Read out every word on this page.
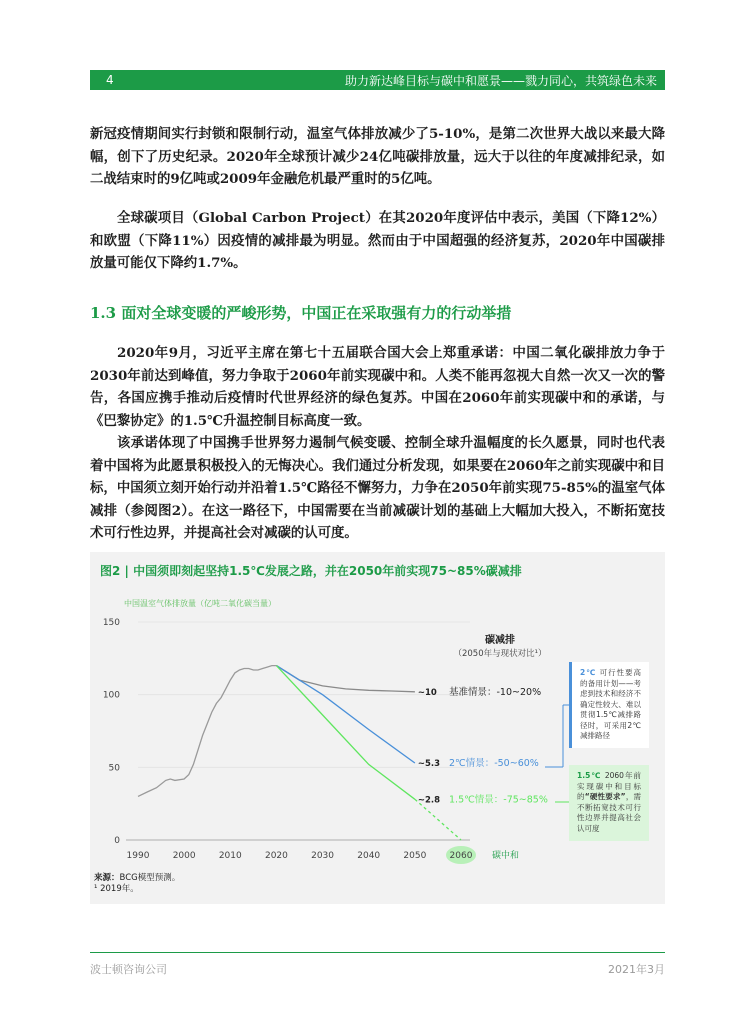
4	助力新达峰目标与碳中和愿景——戮力同心，共筑绿色未来

新冠疫情期间实行封锁和限制行动，温室气体排放减少了5-10%，是第二次世界大战以来最大降幅，创下了历史纪录。2020年全球预计减少24亿吨碳排放量，远大于以往的年度减排纪录，如二战结束时的9亿吨或2009年金融危机最严重时的5亿吨。

全球碳项目（Global Carbon Project）在其2020年度评估中表示，美国（下降12%）和欧盟（下降11%）因疫情的减排最为明显。然而由于中国超强的经济复苏，2020年中国碳排放量可能仅下降约1.7%。

1.3 面对全球变暖的严峻形势，中国正在采取强有力的行动举措

2020年9月，习近平主席在第七十五届联合国大会上郑重承诺：中国二氧化碳排放力争于2030年前达到峰值，努力争取于2060年前实现碳中和。人类不能再忽视大自然一次又一次的警告，各国应携手推动后疫情时代世界经济的绿色复苏。中国在2060年前实现碳中和的承诺，与《巴黎协定》的1.5℃升温控制目标高度一致。

该承诺体现了中国携手世界努力遏制气候变暖、控制全球升温幅度的长久愿景，同时也代表着中国将为此愿景积极投入的无悔决心。我们通过分析发现，如果要在2060年之前实现碳中和目标，中国须立刻开始行动并沿着1.5℃路径不懈努力，力争在2050年前实现75-85%的温室气体减排（参阅图2）。在这一路径下，中国需要在当前减碳计划的基础上大幅加大投入，不断拓宽技术可行性边界，并提高社会对减碳的认可度。

图2 | 中国须即刻起坚持1.5℃发展之路，并在2050年前实现75~85%碳减排
中国温室气体排放量（亿吨二氧化碳当量）
0
50
100
150
1990	2000	2010	2020	2030	2040	2050	2060 碳中和
~10 基准情景：-10~20%
~5.3 2℃情景：-50~60%
~2.8 1.5℃情景：-75~85%
碳减排
（2050年与现状对比¹）
2℃ 可行性要高的备用计划——考虑到技术和经济不确定性较大、难以贯彻1.5℃减排路径时，可采用2℃减排路径
1.5℃ 2060年前实现碳中和目标的“硬性要求”，需不断拓宽技术可行性边界并提高社会认可度
来源：BCG模型预测。
¹ 2019年。
波士顿咨询公司	2021年3月
